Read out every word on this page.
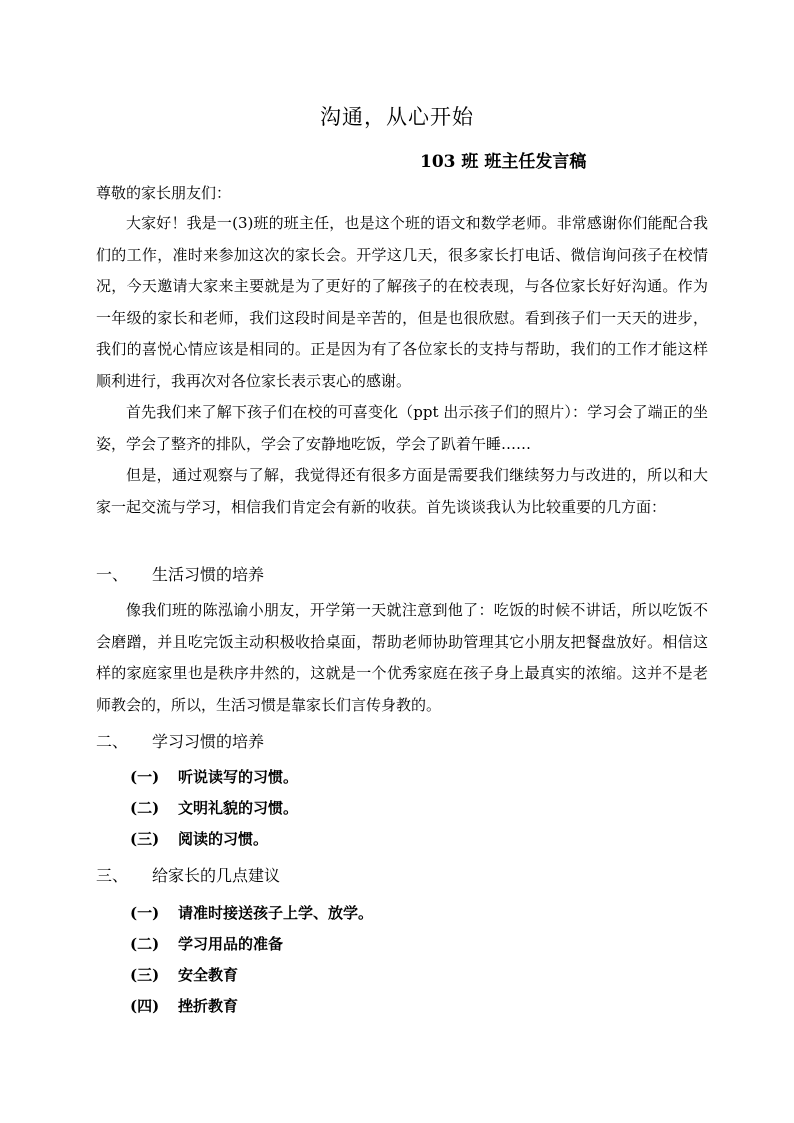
沟通，从心开始
103 班 班主任发言稿
尊敬的家长朋友们：

大家好！我是一(3)班的班主任，也是这个班的语文和数学老师。非常感谢你们能配合我们的工作，准时来参加这次的家长会。开学这几天，很多家长打电话、微信询问孩子在校情况，今天邀请大家来主要就是为了更好的了解孩子的在校表现，与各位家长好好沟通。作为一年级的家长和老师，我们这段时间是辛苦的，但是也很欣慰。看到孩子们一天天的进步，我们的喜悦心情应该是相同的。正是因为有了各位家长的支持与帮助，我们的工作才能这样顺利进行，我再次对各位家长表示衷心的感谢。

首先我们来了解下孩子们在校的可喜变化（ppt 出示孩子们的照片）：学习会了端正的坐姿，学会了整齐的排队，学会了安静地吃饭，学会了趴着午睡……

但是，通过观察与了解，我觉得还有很多方面是需要我们继续努力与改进的，所以和大家一起交流与学习，相信我们肯定会有新的收获。首先谈谈我认为比较重要的几方面：

一、 生活习惯的培养

像我们班的陈泓谕小朋友，开学第一天就注意到他了：吃饭的时候不讲话，所以吃饭不会磨蹭，并且吃完饭主动积极收拾桌面，帮助老师协助管理其它小朋友把餐盘放好。相信这样的家庭家里也是秩序井然的，这就是一个优秀家庭在孩子身上最真实的浓缩。这并不是老师教会的，所以，生活习惯是靠家长们言传身教的。

二、 学习习惯的培养
(一) 听说读写的习惯。
(二) 文明礼貌的习惯。
(三) 阅读的习惯。
三、 给家长的几点建议
(一) 请准时接送孩子上学、放学。
(二) 学习用品的准备
(三) 安全教育
(四) 挫折教育
